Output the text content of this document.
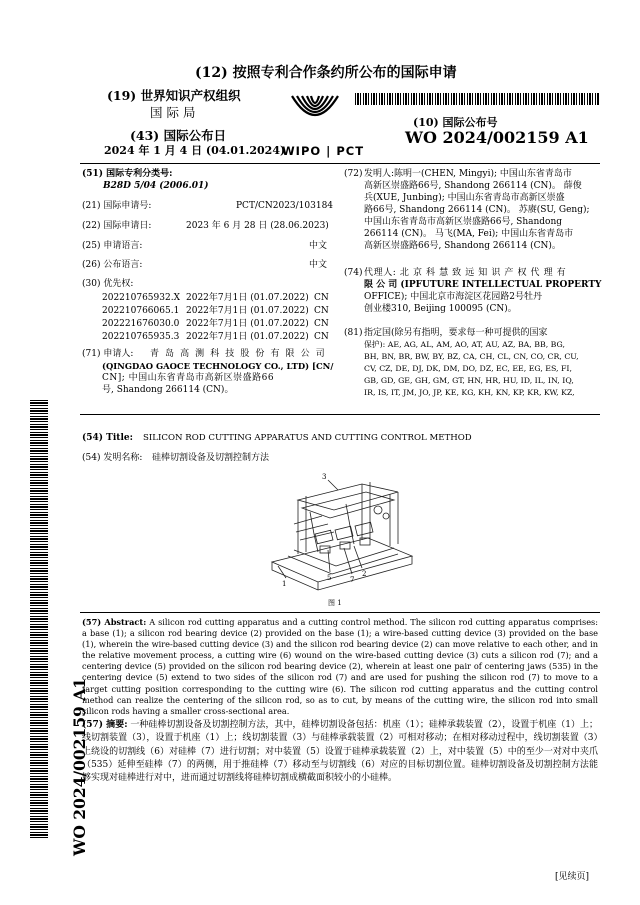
(12) 按照专利合作条约所公布的国际申请
(19) 世界知识产权组织
国 际 局
(43) 国际公布日
2024 年 1 月 4 日 (04.01.2024)
WIPO | PCT
(10) 国际公布号
WO 2024/002159 A1
WO 2024/002159 A1
(51) 国际专利分类号:
B28D 5/04 (2006.01)
(21) 国际申请号:	PCT/CN2023/103184
(22) 国际申请日:	2023 年 6 月 28 日 (28.06.2023)
(25) 申请语言:	中文
(26) 公布语言:	中文
(30) 优先权:
202210765932.X 2022年7月1日 (01.07.2022) CN
202210766065.1 2022年7月1日 (01.07.2022) CN
202221676030.0 2022年7月1日 (01.07.2022) CN
202210765935.3 2022年7月1日 (01.07.2022) CN
(71) 申请人: 青 岛 高 测 科 技 股 份 有 限 公 司
(QINGDAO GAOCE TECHNOLOGY CO., LTD) [CN/
CN]; 中国山东省青岛市高新区崇盛路66
号, Shandong 266114 (CN)。
(72) 发明人:陈明一(CHEN, Mingyi); 中国山东省青岛市
高新区崇盛路66号, Shandong 266114 (CN)。 薛俊
兵(XUE, Junbing); 中国山东省青岛市高新区崇盛
路66号, Shandong 266114 (CN)。 苏赓(SU, Geng);
中国山东省青岛市高新区崇盛路66号, Shandong
266114 (CN)。 马飞(MA, Fei); 中国山东省青岛市
高新区崇盛路66号, Shandong 266114 (CN)。
(74) 代理人: 北 京 科 慧 致 远 知 识 产 权 代 理 有
限 公 司 (IPFUTURE INTELLECTUAL PROPERTY
OFFICE); 中国北京市海淀区花园路2号牡丹
创业楼310, Beijing 100095 (CN)。
(81) 指定国(除另有指明，要求每一种可提供的国家
保护): AE, AG, AL, AM, AO, AT, AU, AZ, BA, BB, BG,
BH, BN, BR, BW, BY, BZ, CA, CH, CL, CN, CO, CR, CU,
CV, CZ, DE, DJ, DK, DM, DO, DZ, EC, EE, EG, ES, FI,
GB, GD, GE, GH, GM, GT, HN, HR, HU, ID, IL, IN, IQ,
IR, IS, IT, JM, JO, JP, KE, KG, KH, KN, KP, KR, KW, KZ,
(54) Title: SILICON ROD CUTTING APPARATUS AND CUTTING CONTROL METHOD
(54) 发明名称: 硅棒切割设备及切割控制方法
3
5	7
2
1
图 1
(57) Abstract: A silicon rod cutting apparatus and a cutting control method. The silicon rod cutting apparatus comprises: a base (1); a silicon rod bearing device (2) provided on the base (1); a wire-based cutting device (3) provided on the base (1), wherein the wire-based cutting device (3) and the silicon rod bearing device (2) can move relative to each other, and in the relative movement process, a cutting wire (6) wound on the wire-based cutting device (3) cuts a silicon rod (7); and a centering device (5) provided on the silicon rod bearing device (2), wherein at least one pair of centering jaws (535) in the centering device (5) extend to two sides of the silicon rod (7) and are used for pushing the silicon rod (7) to move to a target cutting position corresponding to the cutting wire (6). The silicon rod cutting apparatus and the cutting control method can realize the centering of the silicon rod, so as to cut, by means of the cutting wire, the silicon rod into small silicon rods having a smaller cross-sectional area.
(57) 摘要: 一种硅棒切割设备及切割控制方法，其中，硅棒切割设备包括：机座（1）；硅棒承载装置（2），设置于机座（1）上；线切割装置（3），设置于机座（1）上；线切割装置（3）与硅棒承载装置（2）可相对移动；在相对移动过程中，线切割装置（3）上绕设的切割线（6）对硅棒（7）进行切割；对中装置（5）设置于硅棒承载装置（2）上，对中装置（5）中的至少一对对中夹爪（535）延伸至硅棒（7）的两侧，用于推硅棒（7）移动至与切割线（6）对应的目标切割位置。硅棒切割设备及切割控制方法能够实现对硅棒进行对中，进而通过切割线将硅棒切割成横截面积较小的小硅棒。
[见续页]
